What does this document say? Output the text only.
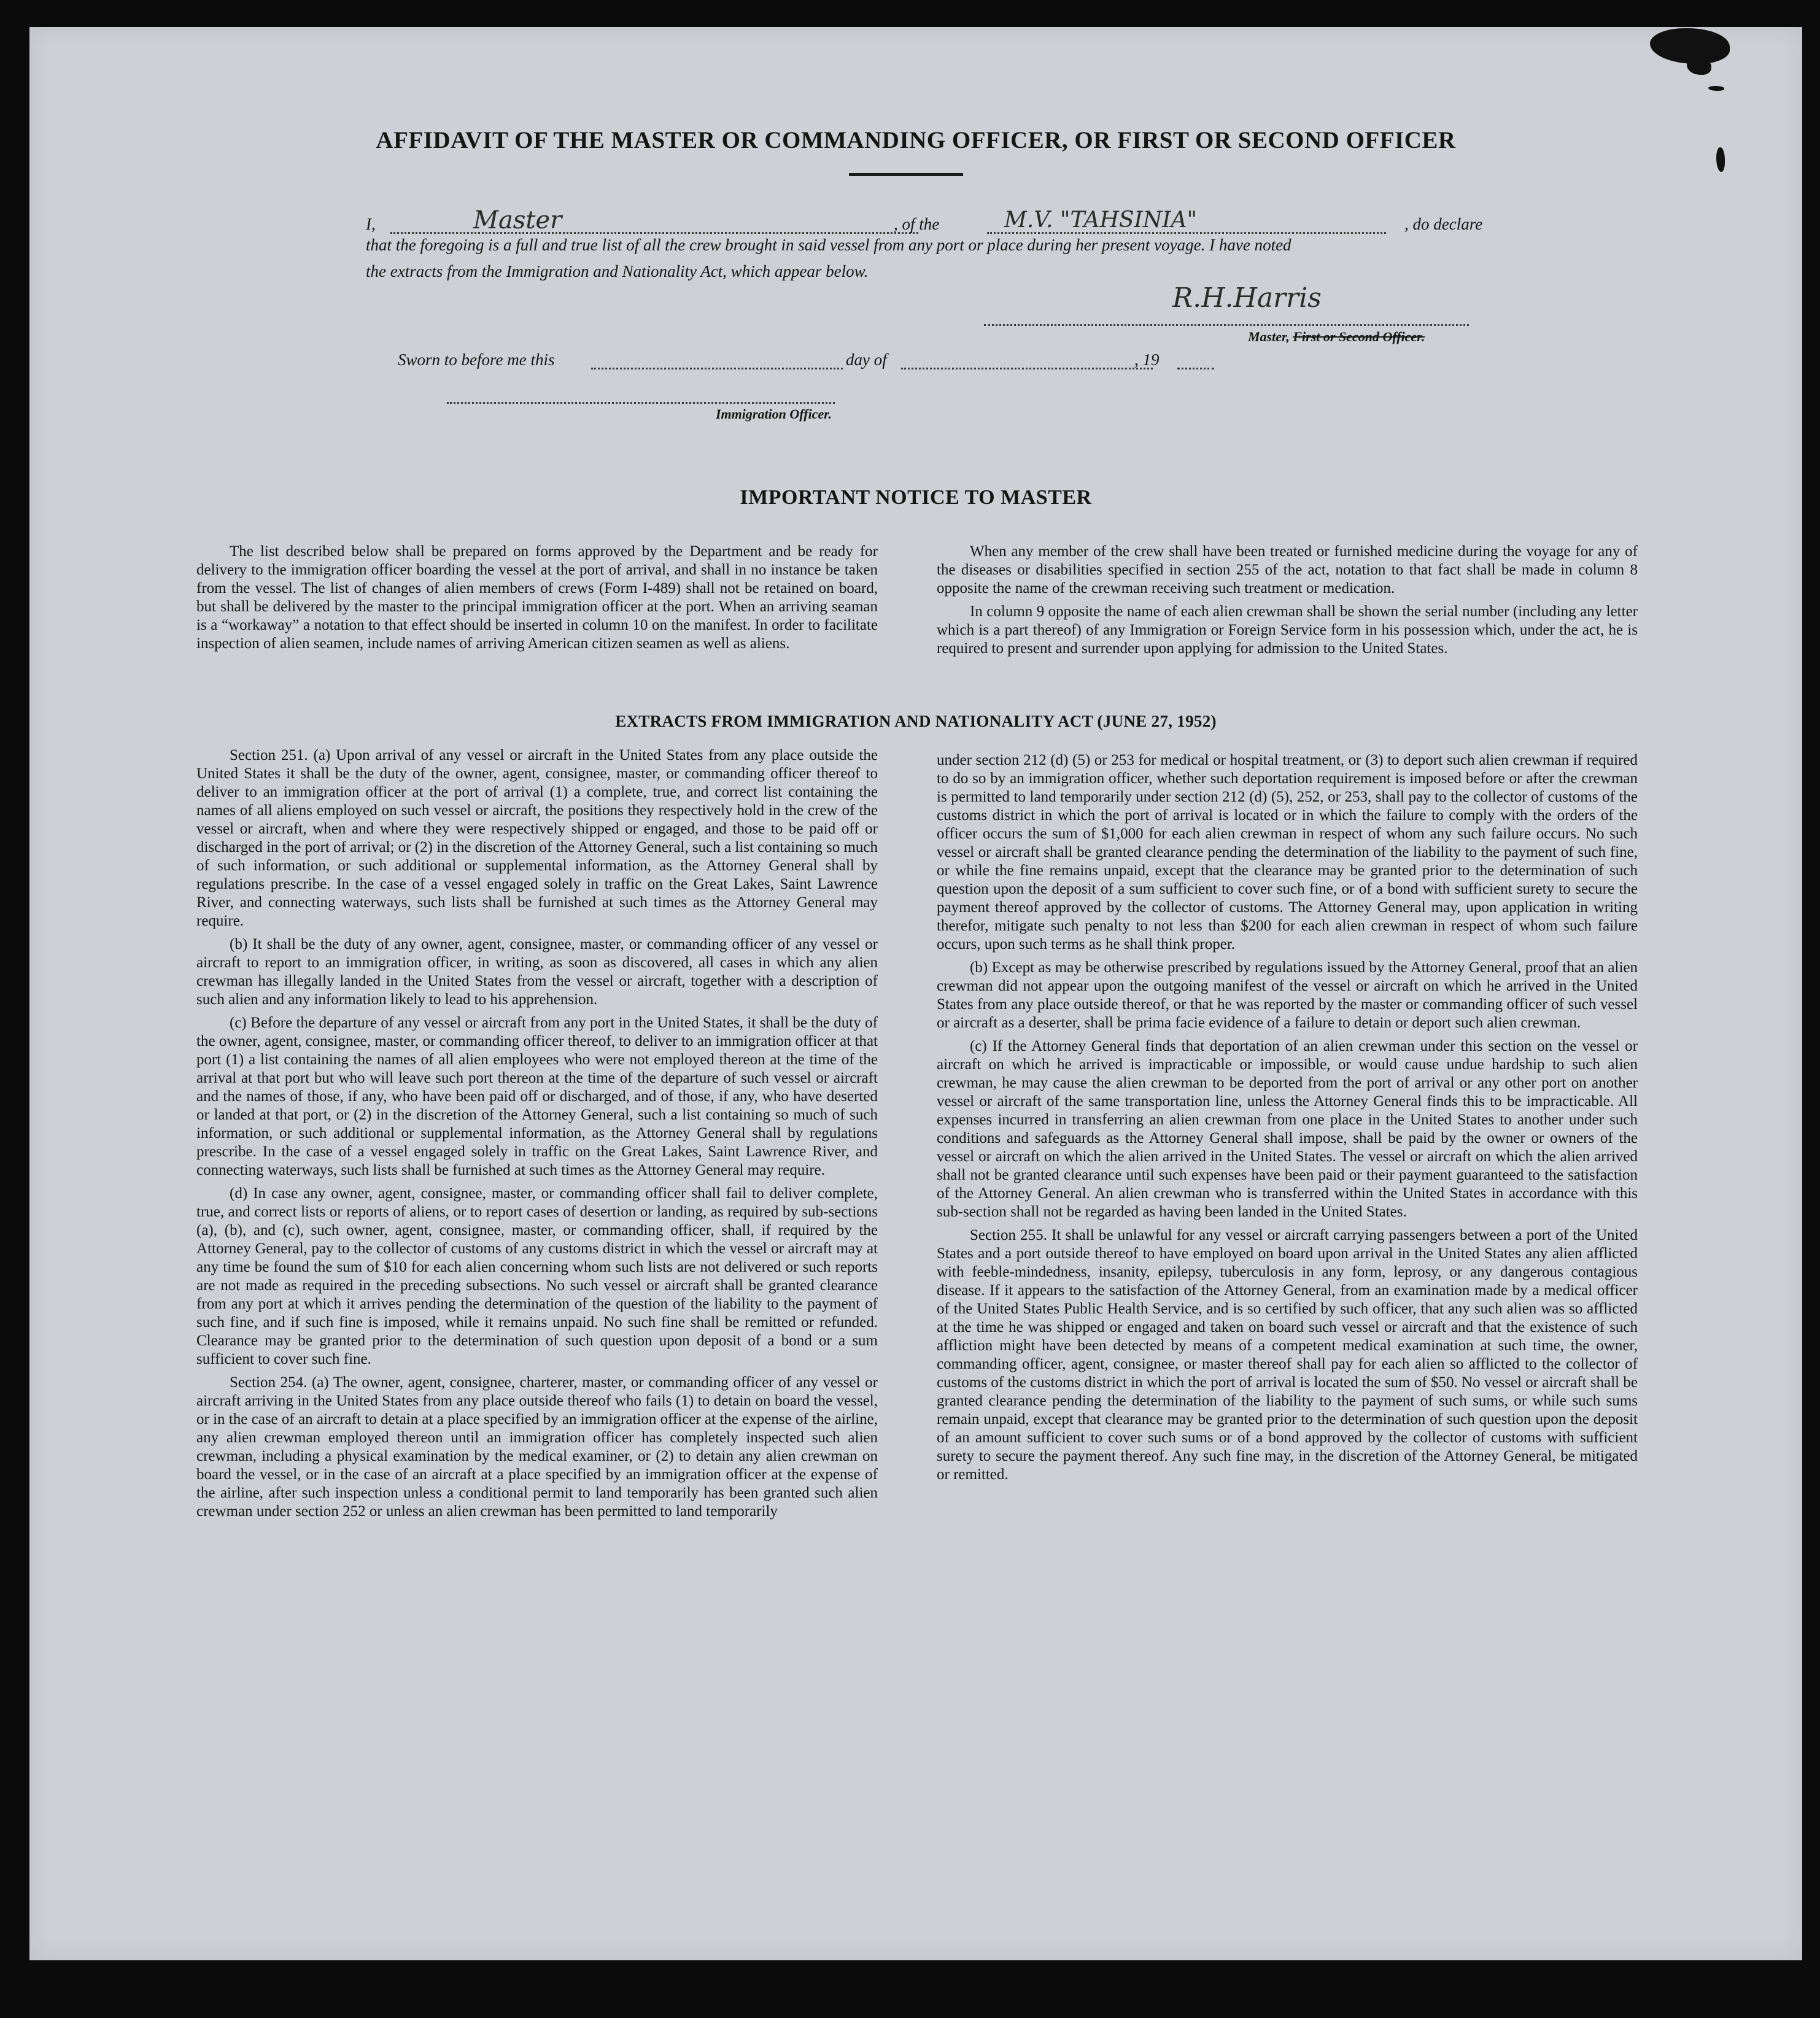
AFFIDAVIT OF THE MASTER OR COMMANDING OFFICER, OR FIRST OR SECOND OFFICER
I,	Master	, of the	M.V. "TAHSINIA"	, do declare
that the foregoing is a full and true list of all the crew brought in said vessel from any port or place during her present voyage. I have noted
the extracts from the Immigration and Nationality Act, which appear below.
R.H.Harris
Master, First or Second Officer.
Sworn to before me this	day of	, 19
Immigration Officer.
IMPORTANT NOTICE TO MASTER

The list described below shall be prepared on forms approved by the Department and be ready for delivery to the immigration officer boarding the vessel at the port of arrival, and shall in no instance be taken from the vessel. The list of changes of alien members of crews (Form I-489) shall not be retained on board, but shall be delivered by the master to the principal immigration officer at the port. When an arriving seaman is a “workaway” a notation to that effect should be inserted in column 10 on the manifest. In order to facilitate inspection of alien seamen, include names of arriving American citizen seamen as well as aliens.

When any member of the crew shall have been treated or furnished medicine during the voyage for any of the diseases or disabilities specified in section 255 of the act, notation to that fact shall be made in column 8 opposite the name of the crewman receiving such treatment or medication.

In column 9 opposite the name of each alien crewman shall be shown the serial number (including any letter which is a part thereof) of any Immigration or Foreign Service form in his possession which, under the act, he is required to present and surrender upon applying for admission to the United States.

EXTRACTS FROM IMMIGRATION AND NATIONALITY ACT (JUNE 27, 1952)

Section 251. (a) Upon arrival of any vessel or aircraft in the United States from any place outside the United States it shall be the duty of the owner, agent, consignee, master, or commanding officer thereof to deliver to an immigration officer at the port of arrival (1) a complete, true, and correct list containing the names of all aliens employed on such vessel or aircraft, the positions they respectively hold in the crew of the vessel or aircraft, when and where they were respectively shipped or engaged, and those to be paid off or discharged in the port of arrival; or (2) in the discretion of the Attorney General, such a list containing so much of such information, or such additional or supplemental information, as the Attorney General shall by regulations prescribe. In the case of a vessel engaged solely in traffic on the Great Lakes, Saint Lawrence River, and connecting waterways, such lists shall be furnished at such times as the Attorney General may require.

(b) It shall be the duty of any owner, agent, consignee, master, or commanding officer of any vessel or aircraft to report to an immigration officer, in writing, as soon as discovered, all cases in which any alien crewman has illegally landed in the United States from the vessel or aircraft, together with a description of such alien and any information likely to lead to his apprehension.

(c) Before the departure of any vessel or aircraft from any port in the United States, it shall be the duty of the owner, agent, consignee, master, or commanding officer thereof, to deliver to an immigration officer at that port (1) a list containing the names of all alien employees who were not employed thereon at the time of the arrival at that port but who will leave such port thereon at the time of the departure of such vessel or aircraft and the names of those, if any, who have been paid off or discharged, and of those, if any, who have deserted or landed at that port, or (2) in the discretion of the Attorney General, such a list containing so much of such information, or such additional or supplemental information, as the Attorney General shall by regulations prescribe. In the case of a vessel engaged solely in traffic on the Great Lakes, Saint Lawrence River, and connecting waterways, such lists shall be furnished at such times as the Attorney General may require.

(d) In case any owner, agent, consignee, master, or commanding officer shall fail to deliver complete, true, and correct lists or reports of aliens, or to report cases of desertion or landing, as required by sub-sections (a), (b), and (c), such owner, agent, consignee, master, or commanding officer, shall, if required by the Attorney General, pay to the collector of customs of any customs district in which the vessel or aircraft may at any time be found the sum of $10 for each alien concerning whom such lists are not delivered or such reports are not made as required in the preceding subsections. No such vessel or aircraft shall be granted clearance from any port at which it arrives pending the determination of the question of the liability to the payment of such fine, and if such fine is imposed, while it remains unpaid. No such fine shall be remitted or refunded. Clearance may be granted prior to the determination of such question upon deposit of a bond or a sum sufficient to cover such fine.

Section 254. (a) The owner, agent, consignee, charterer, master, or commanding officer of any vessel or aircraft arriving in the United States from any place outside thereof who fails (1) to detain on board the vessel, or in the case of an aircraft to detain at a place specified by an immigration officer at the expense of the airline, any alien crewman employed thereon until an immigration officer has completely inspected such alien crewman, including a physical examination by the medical examiner, or (2) to detain any alien crewman on board the vessel, or in the case of an aircraft at a place specified by an immigration officer at the expense of the airline, after such inspection unless a conditional permit to land temporarily has been granted such alien crewman under section 252 or unless an alien crewman has been permitted to land temporarily

under section 212 (d) (5) or 253 for medical or hospital treatment, or (3) to deport such alien crewman if required to do so by an immigration officer, whether such deportation requirement is imposed before or after the crewman is permitted to land temporarily under section 212 (d) (5), 252, or 253, shall pay to the collector of customs of the customs district in which the port of arrival is located or in which the failure to comply with the orders of the officer occurs the sum of $1,000 for each alien crewman in respect of whom any such failure occurs. No such vessel or aircraft shall be granted clearance pending the determination of the liability to the payment of such fine, or while the fine remains unpaid, except that the clearance may be granted prior to the determination of such question upon the deposit of a sum sufficient to cover such fine, or of a bond with sufficient surety to secure the payment thereof approved by the collector of customs. The Attorney General may, upon application in writing therefor, mitigate such penalty to not less than $200 for each alien crewman in respect of whom such failure occurs, upon such terms as he shall think proper.

(b) Except as may be otherwise prescribed by regulations issued by the Attorney General, proof that an alien crewman did not appear upon the outgoing manifest of the vessel or aircraft on which he arrived in the United States from any place outside thereof, or that he was reported by the master or commanding officer of such vessel or aircraft as a deserter, shall be prima facie evidence of a failure to detain or deport such alien crewman.

(c) If the Attorney General finds that deportation of an alien crewman under this section on the vessel or aircraft on which he arrived is impracticable or impossible, or would cause undue hardship to such alien crewman, he may cause the alien crewman to be deported from the port of arrival or any other port on another vessel or aircraft of the same transportation line, unless the Attorney General finds this to be impracticable. All expenses incurred in transferring an alien crewman from one place in the United States to another under such conditions and safeguards as the Attorney General shall impose, shall be paid by the owner or owners of the vessel or aircraft on which the alien arrived in the United States. The vessel or aircraft on which the alien arrived shall not be granted clearance until such expenses have been paid or their payment guaranteed to the satisfaction of the Attorney General. An alien crewman who is transferred within the United States in accordance with this sub-section shall not be regarded as having been landed in the United States.

Section 255. It shall be unlawful for any vessel or aircraft carrying passengers between a port of the United States and a port outside thereof to have employed on board upon arrival in the United States any alien afflicted with feeble-mindedness, insanity, epilepsy, tuberculosis in any form, leprosy, or any dangerous contagious disease. If it appears to the satisfaction of the Attorney General, from an examination made by a medical officer of the United States Public Health Service, and is so certified by such officer, that any such alien was so afflicted at the time he was shipped or engaged and taken on board such vessel or aircraft and that the existence of such affliction might have been detected by means of a competent medical examination at such time, the owner, commanding officer, agent, consignee, or master thereof shall pay for each alien so afflicted to the collector of customs of the customs district in which the port of arrival is located the sum of $50. No vessel or aircraft shall be granted clearance pending the determination of the liability to the payment of such sums, or while such sums remain unpaid, except that clearance may be granted prior to the determination of such question upon the deposit of an amount sufficient to cover such sums or of a bond approved by the collector of customs with sufficient surety to secure the payment thereof. Any such fine may, in the discretion of the Attorney General, be mitigated or remitted.
